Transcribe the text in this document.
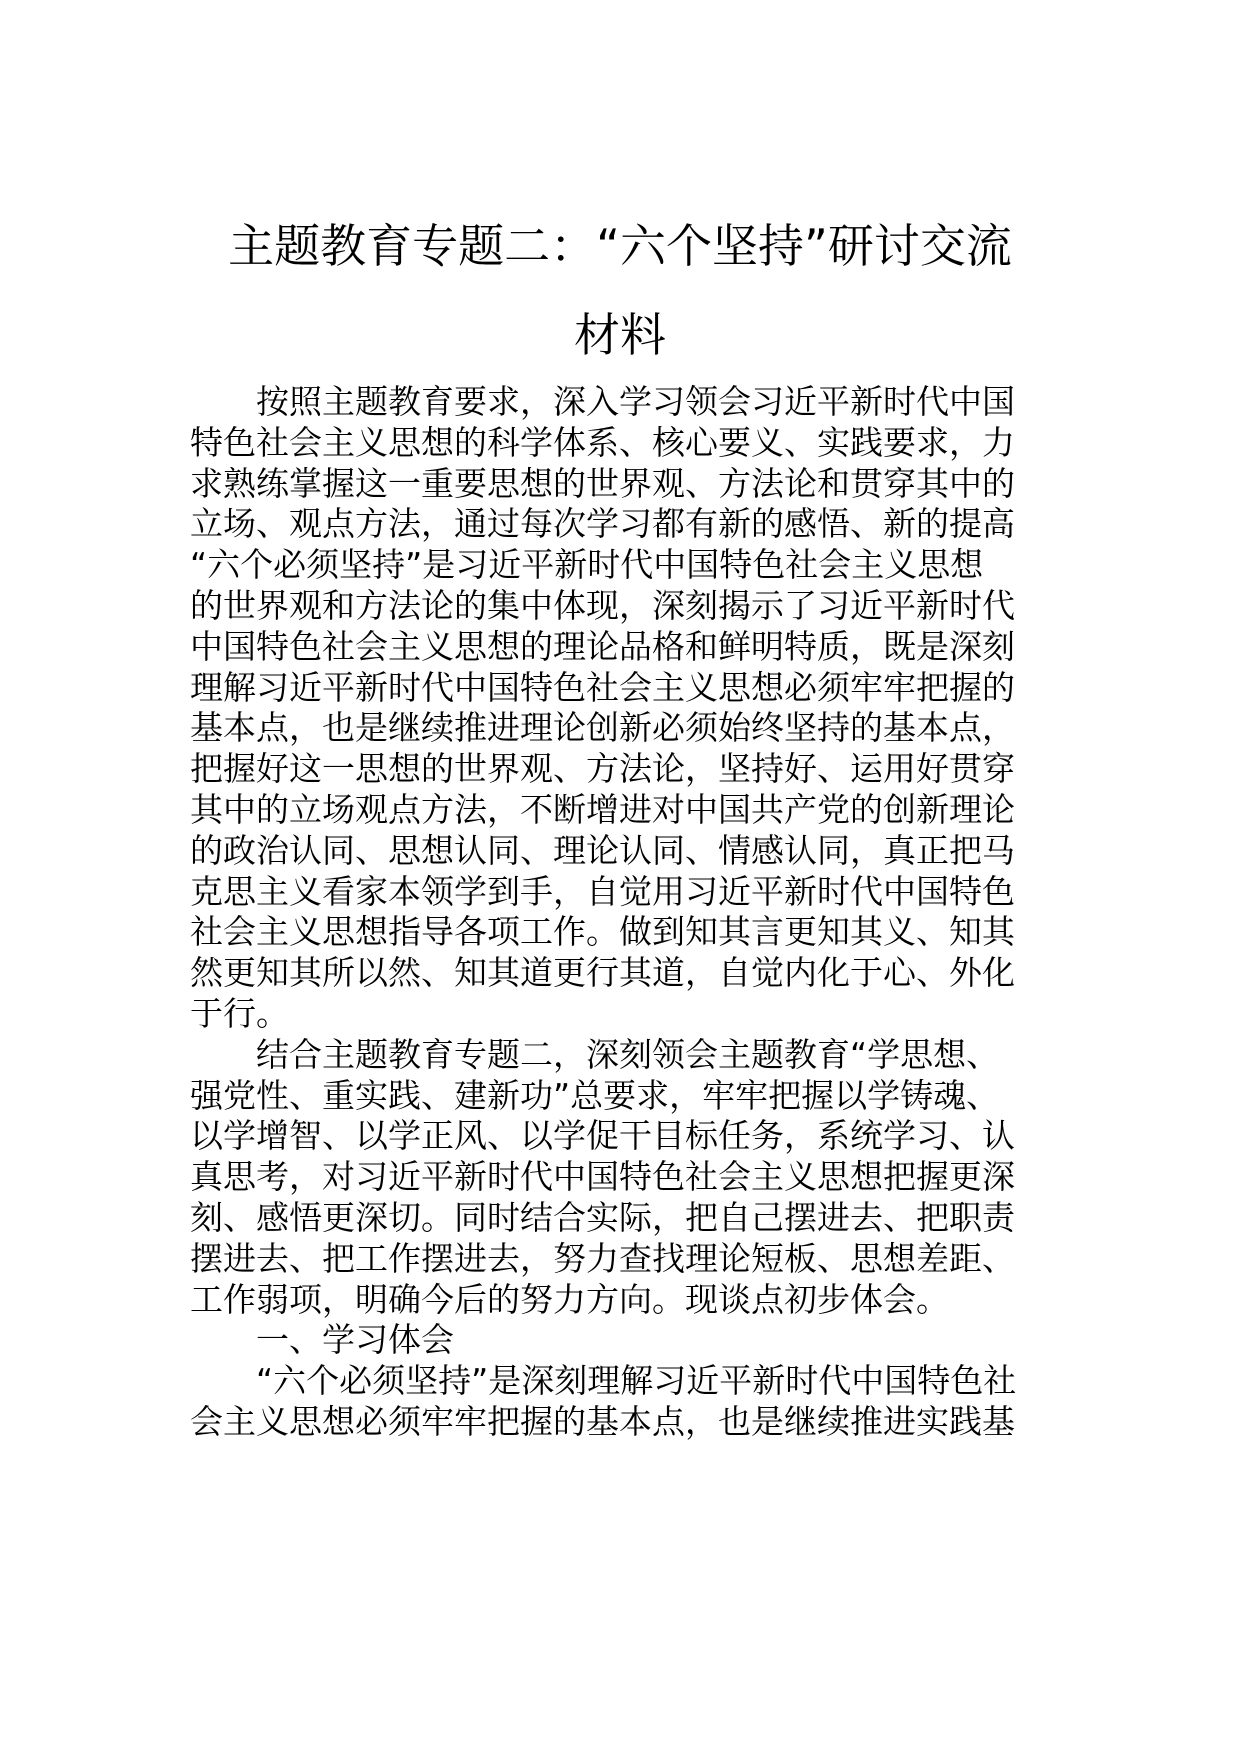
主题教育专题二：“六个坚持”研讨交流
材料
按照主题教育要求，深入学习领会习近平新时代中国
特色社会主义思想的科学体系、核心要义、实践要求，力
求熟练掌握这一重要思想的世界观、方法论和贯穿其中的
立场、观点方法，通过每次学习都有新的感悟、新的提高
“六个必须坚持”是习近平新时代中国特色社会主义思想
的世界观和方法论的集中体现，深刻揭示了习近平新时代
中国特色社会主义思想的理论品格和鲜明特质，既是深刻
理解习近平新时代中国特色社会主义思想必须牢牢把握的
基本点，也是继续推进理论创新必须始终坚持的基本点，
把握好这一思想的世界观、方法论，坚持好、运用好贯穿
其中的立场观点方法，不断增进对中国共产党的创新理论
的政治认同、思想认同、理论认同、情感认同，真正把马
克思主义看家本领学到手，自觉用习近平新时代中国特色
社会主义思想指导各项工作。做到知其言更知其义、知其
然更知其所以然、知其道更行其道，自觉内化于心、外化
于行。
结合主题教育专题二，深刻领会主题教育“学思想、
强党性、重实践、建新功”总要求，牢牢把握以学铸魂、
以学增智、以学正风、以学促干目标任务，系统学习、认
真思考，对习近平新时代中国特色社会主义思想把握更深
刻、感悟更深切。同时结合实际，把自己摆进去、把职责
摆进去、把工作摆进去，努力查找理论短板、思想差距、
工作弱项，明确今后的努力方向。现谈点初步体会。
一、学习体会
“六个必须坚持”是深刻理解习近平新时代中国特色社
会主义思想必须牢牢把握的基本点，也是继续推进实践基
